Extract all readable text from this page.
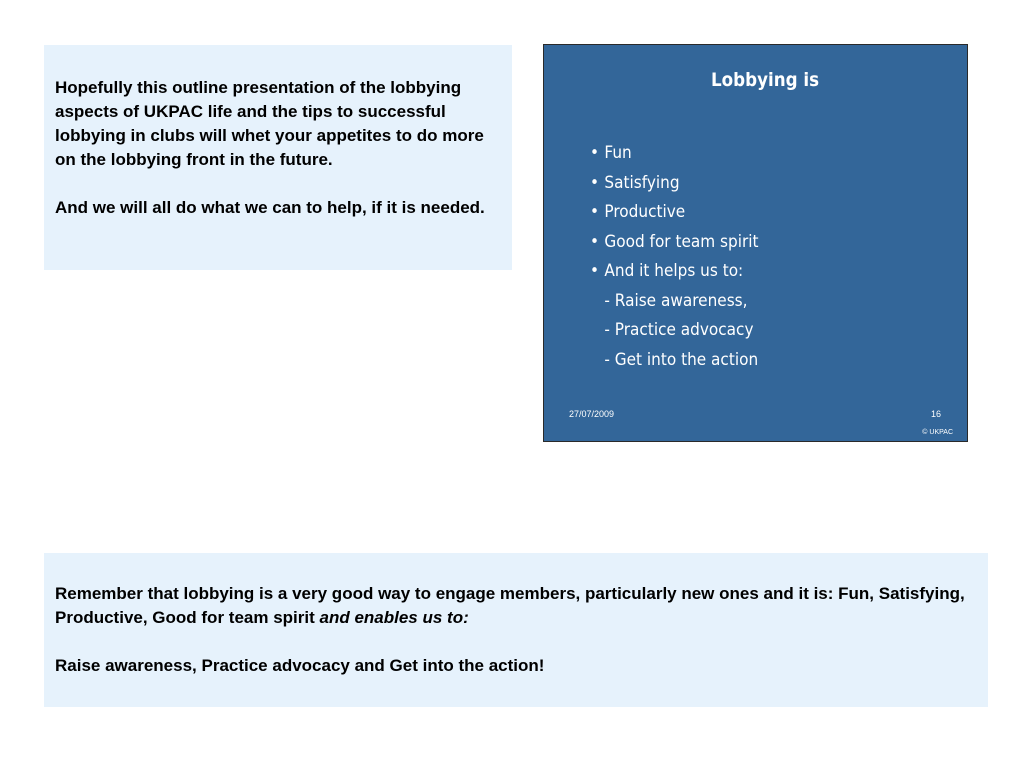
Hopefully this outline presentation of the lobbying aspects of UKPAC life and the tips to successful lobbying in clubs will whet your appetites to do more on the lobbying front in the future.

And we will all do what we can to help, if it is needed.

Lobbying is
• Fun
• Satisfying
• Productive
• Good for team spirit
• And it helps us to:
- Raise awareness,
- Practice advocacy
- Get into the action
27/07/2009	16
© UKPAC

Remember that lobbying is a very good way to engage members, particularly new ones and it is: Fun, Satisfying, Productive, Good for team spirit and enables us to:

Raise awareness, Practice advocacy and Get into the action!
